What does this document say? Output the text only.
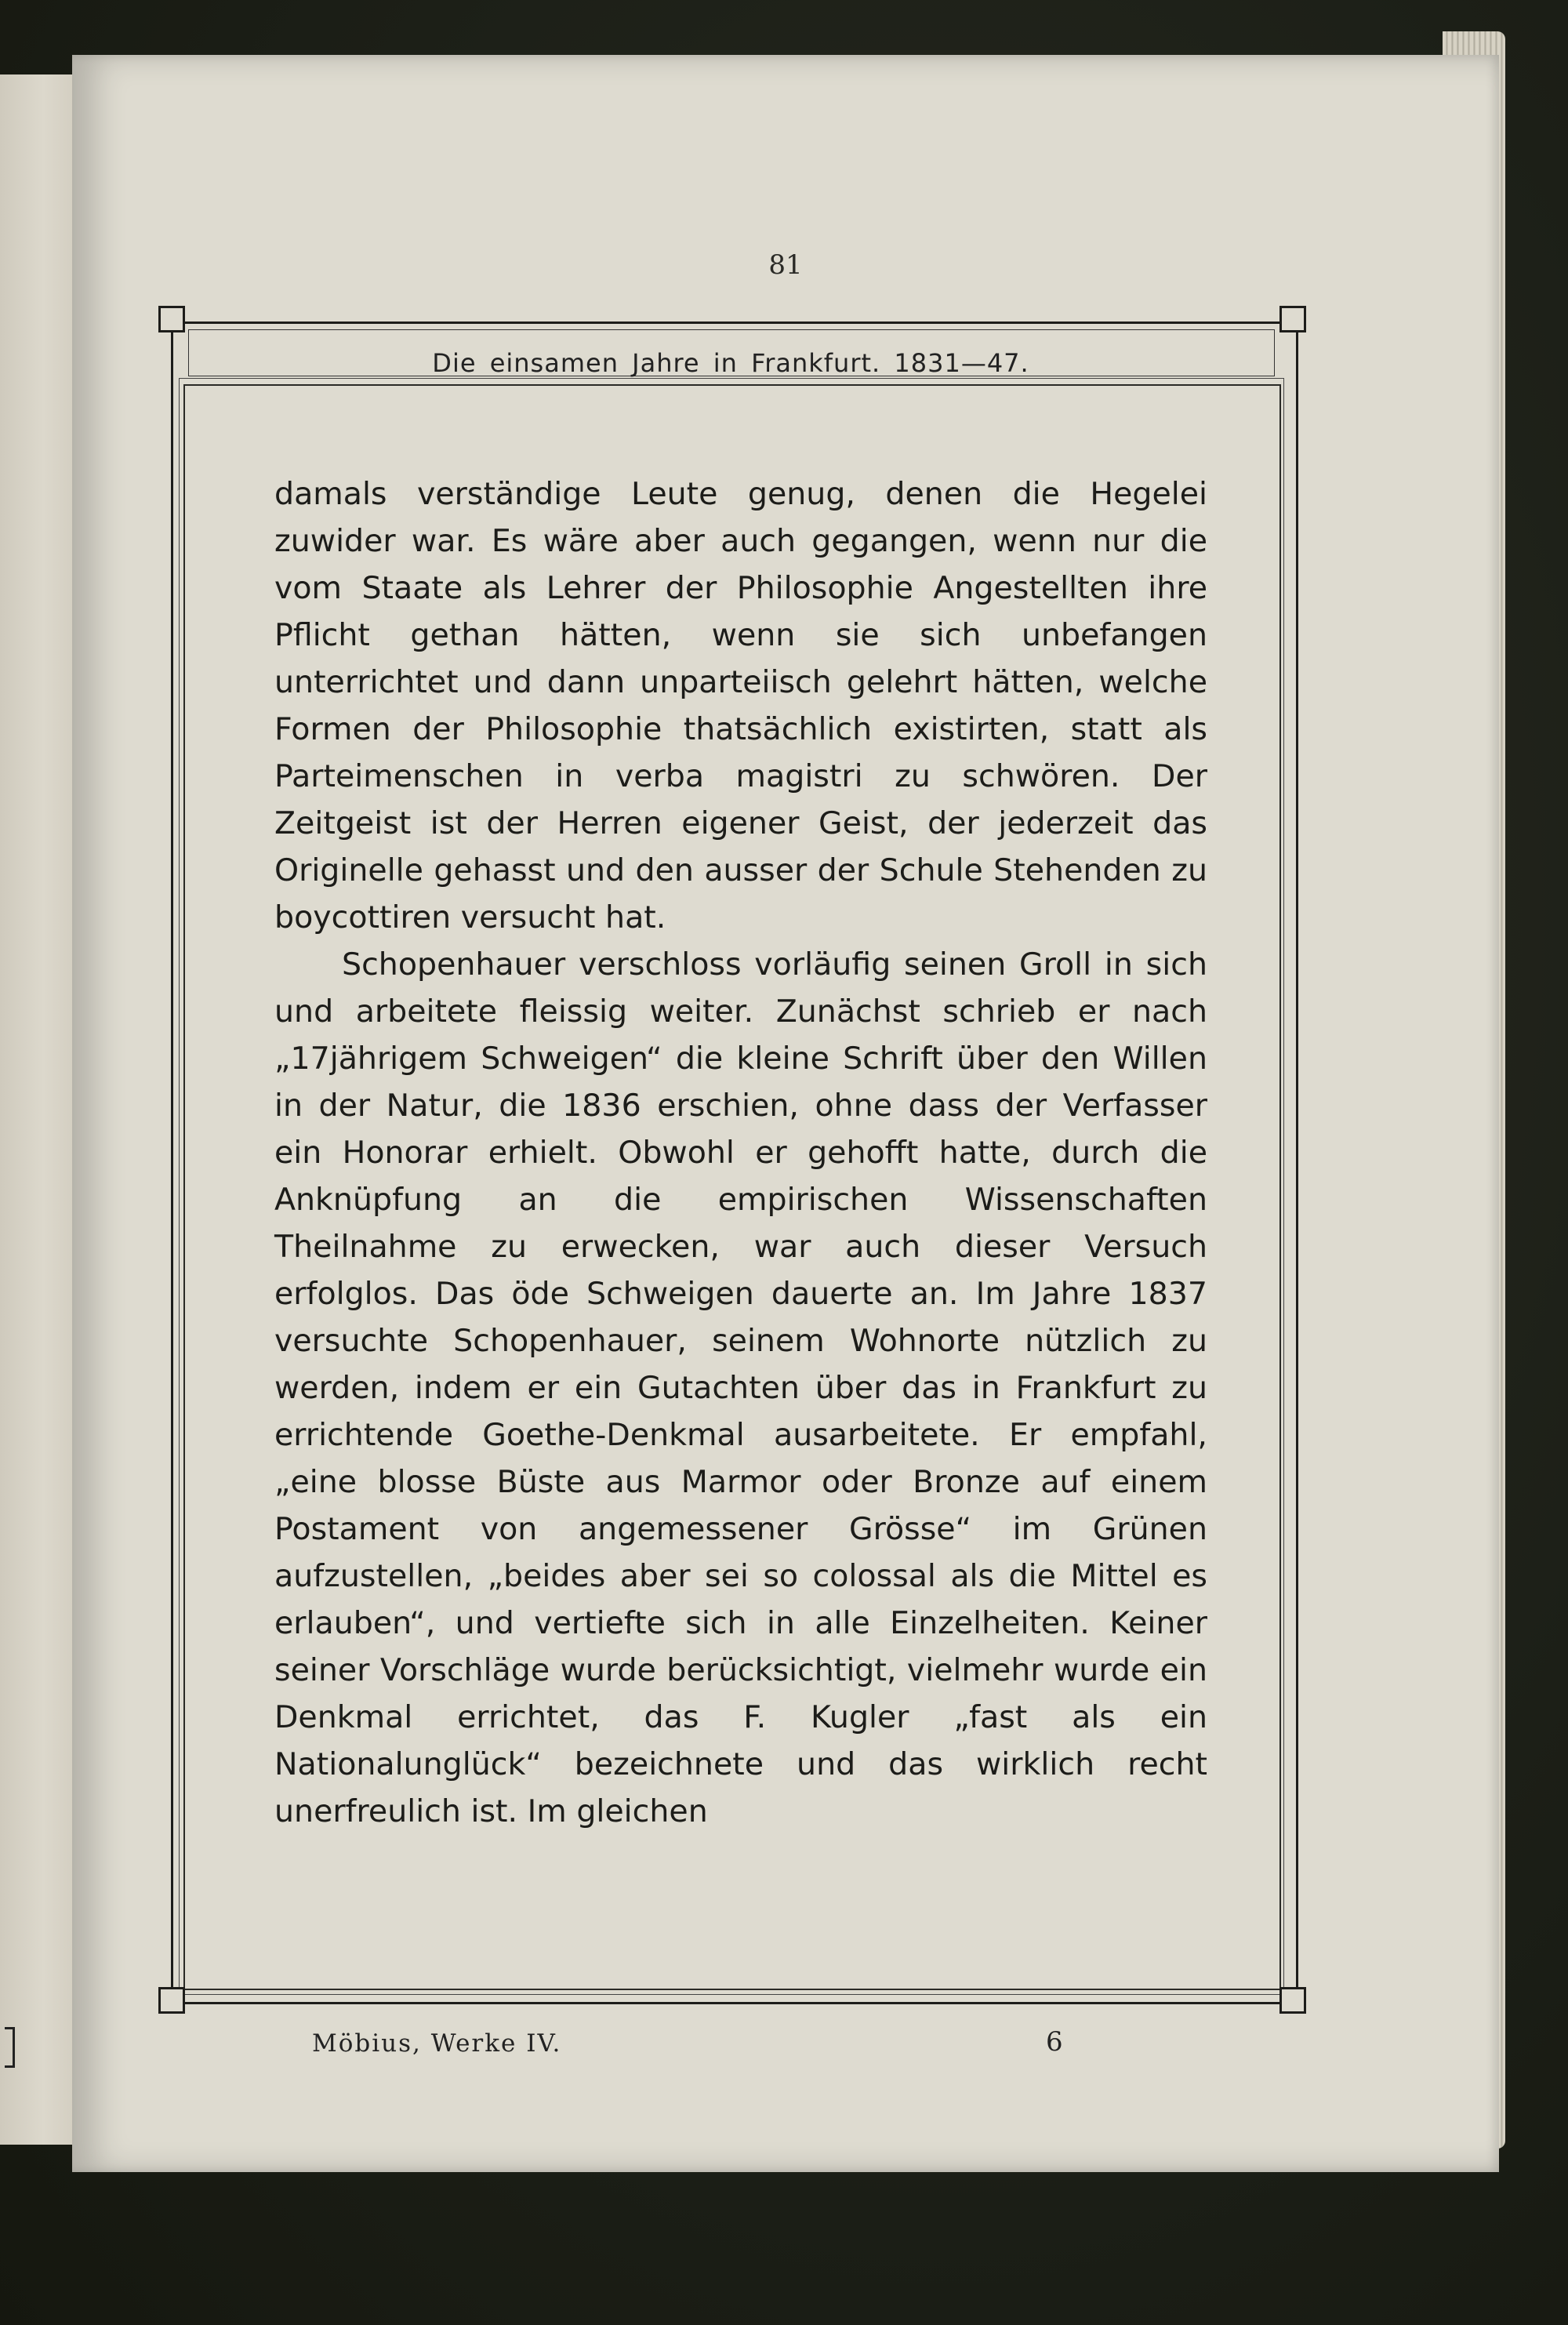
81
Die einsamen Jahre in Frankfurt. 1831—47.

damals verständige Leute genug, denen die Hegelei zuwider war. Es wäre aber auch gegangen, wenn nur die vom Staate als Lehrer der Philosophie Angestellten ihre Pflicht gethan hätten, wenn sie sich unbefangen unterrichtet und dann unparteiisch gelehrt hätten, welche Formen der Philosophie thatsächlich existirten, statt als Parteimenschen in verba magistri zu schwören. Der Zeitgeist ist der Herren eigener Geist, der jederzeit das Originelle gehasst und den ausser der Schule Stehenden zu boycottiren versucht hat.

Schopenhauer verschloss vorläufig seinen Groll in sich und arbeitete fleissig weiter. Zunächst schrieb er nach „17jährigem Schweigen“ die kleine Schrift über den Willen in der Natur, die 1836 erschien, ohne dass der Verfasser ein Honorar erhielt. Obwohl er gehofft hatte, durch die Anknüpfung an die empirischen Wissenschaften Theilnahme zu erwecken, war auch dieser Versuch erfolglos. Das öde Schweigen dauerte an. Im Jahre 1837 versuchte Schopenhauer, seinem Wohnorte nützlich zu werden, indem er ein Gutachten über das in Frankfurt zu errichtende Goethe-Denkmal ausarbeitete. Er empfahl, „eine blosse Büste aus Marmor oder Bronze auf einem Postament von angemessener Grösse“ im Grünen aufzustellen, „beides aber sei so colossal als die Mittel es erlauben“, und vertiefte sich in alle Einzelheiten. Keiner seiner Vorschläge wurde berücksichtigt, vielmehr wurde ein Denkmal errichtet, das F. Kugler „fast als ein Nationalunglück“ bezeichnete und das wirklich recht unerfreulich ist. Im gleichen

Möbius, Werke IV.	6
